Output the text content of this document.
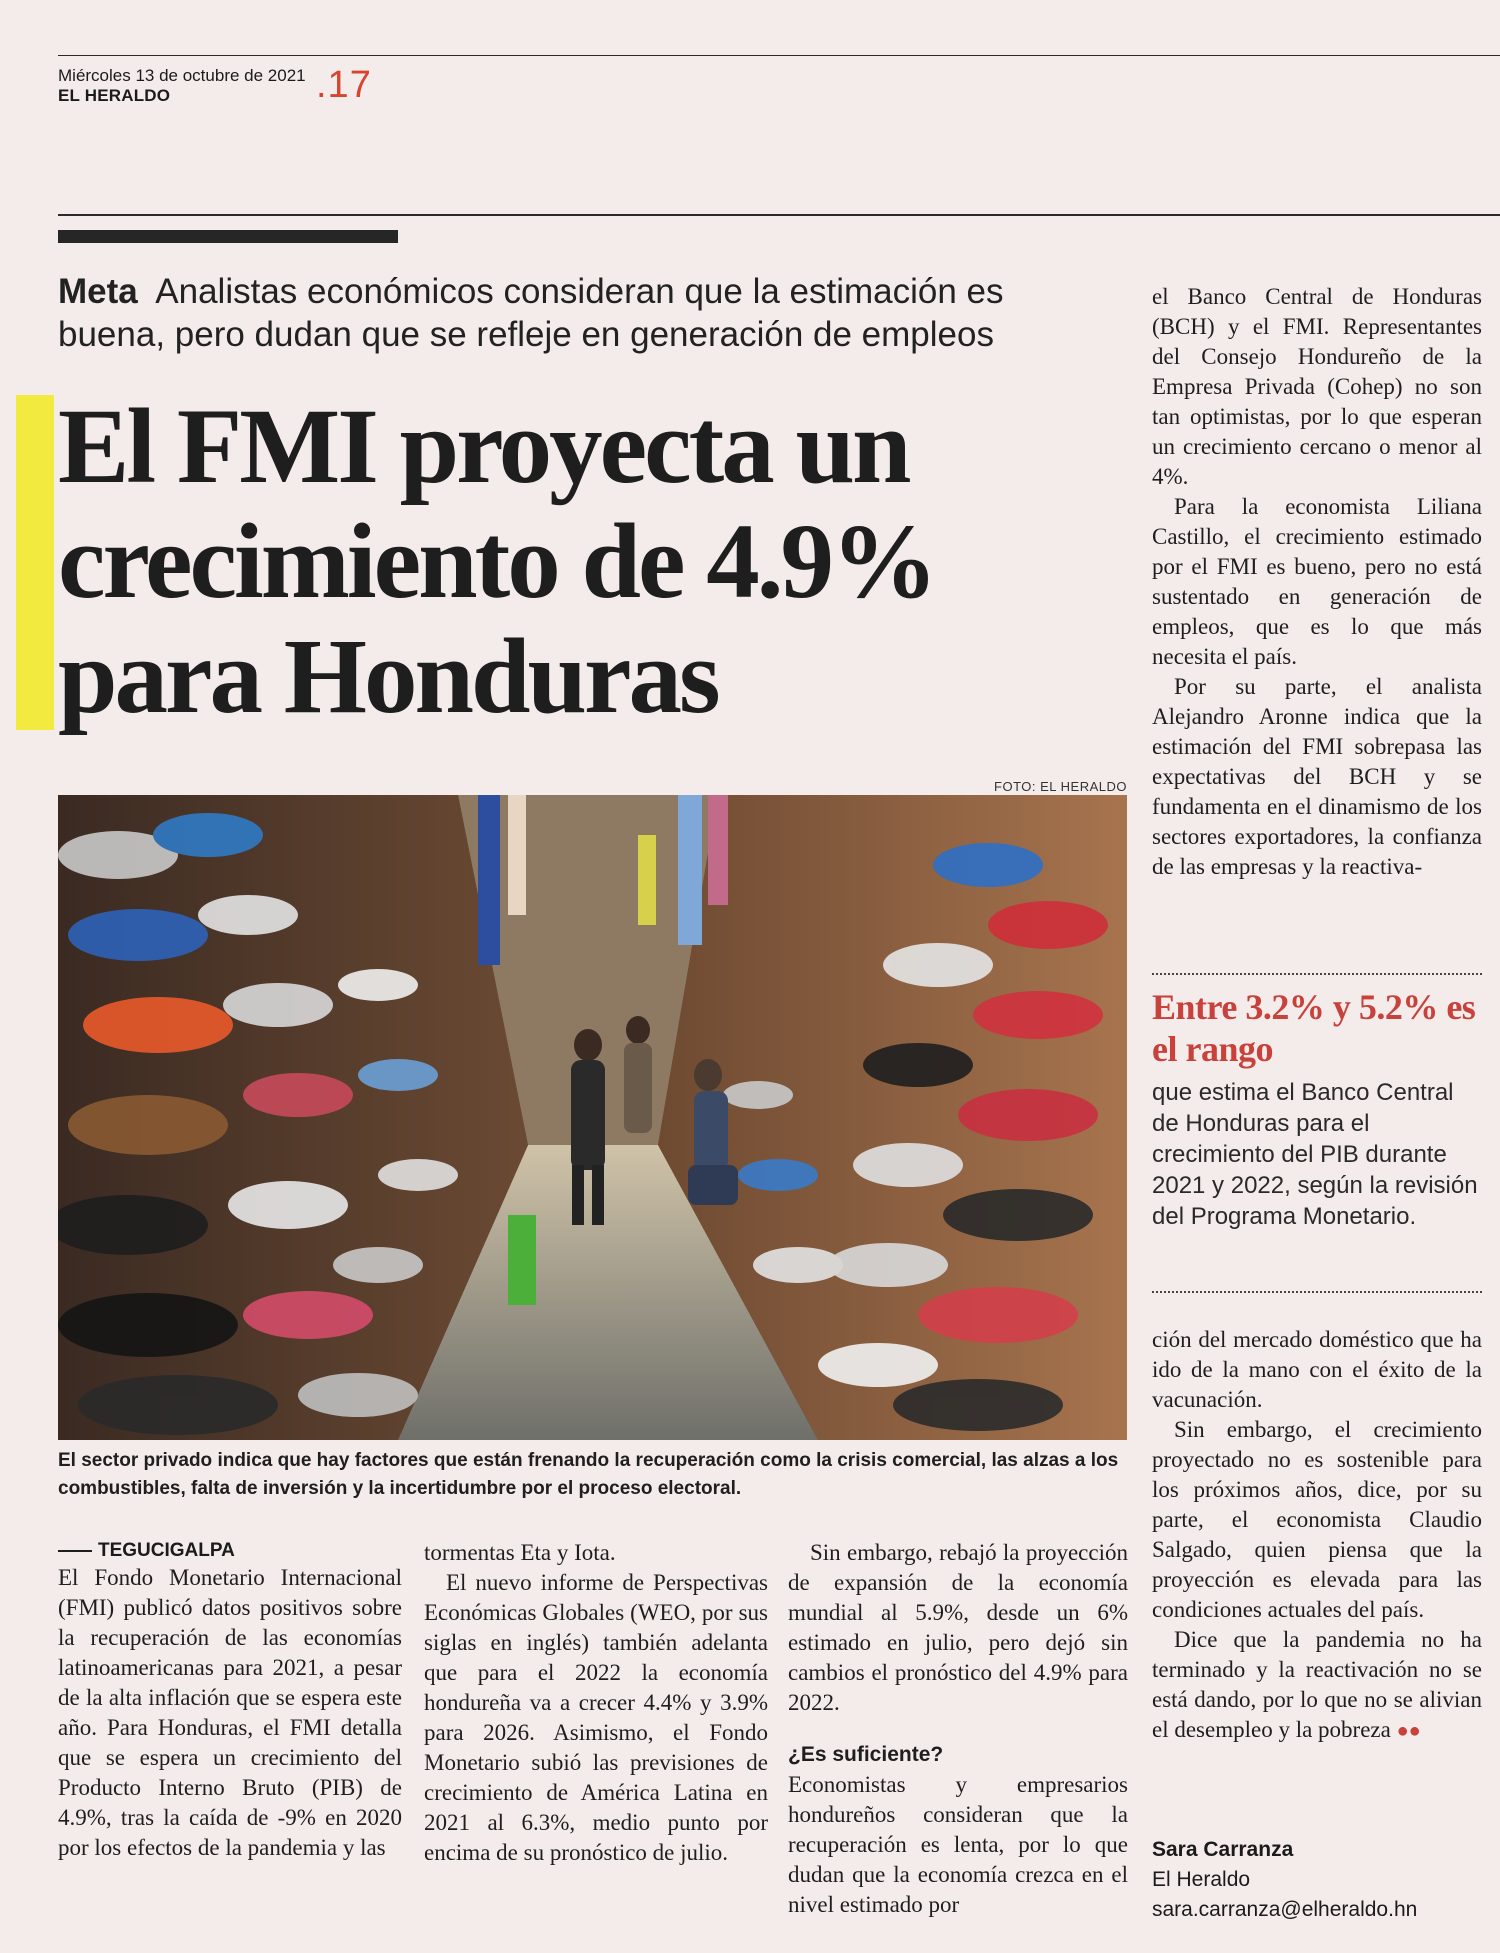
Miércoles 13 de octubre de 2021
EL HERALDO	.17
Meta Analistas económicos consideran que la estimación es buena, pero dudan que se refleje en generación de empleos
El FMI proyecta un
crecimiento de 4.9%
para Honduras
FOTO: EL HERALDO
El sector privado indica que hay factores que están frenando la recuperación como la crisis comercial, las alzas a los combustibles, falta de inversión y la incertidumbre por el proceso electoral.
TEGUCIGALPA

El Fondo Monetario Internacional (FMI) publicó datos positivos sobre la recuperación de las economías latinoamericanas para 2021, a pesar de la alta inflación que se espera este año. Para Honduras, el FMI detalla que se espera un crecimiento del Producto Interno Bruto (PIB) de 4.9%, tras la caída de -9% en 2020 por los efectos de la pandemia y las

tormentas Eta y Iota.

El nuevo informe de Perspectivas Económicas Globales (WEO, por sus siglas en inglés) también adelanta que para el 2022 la economía hondureña va a crecer 4.4% y 3.9% para 2026. Asimismo, el Fondo Monetario subió las previsiones de crecimiento de América Latina en 2021 al 6.3%, medio punto por encima de su pronóstico de julio.

Sin embargo, rebajó la proyección de expansión de la economía mundial al 5.9%, desde un 6% estimado en julio, pero dejó sin cambios el pronóstico del 4.9% para 2022.

¿Es suficiente?

Economistas y empresarios hondureños consideran que la recuperación es lenta, por lo que dudan que la economía crezca en el nivel estimado por

el Banco Central de Honduras (BCH) y el FMI. Representantes del Consejo Hondureño de la Empresa Privada (Cohep) no son tan optimistas, por lo que esperan un crecimiento cercano o menor al 4%.

Para la economista Liliana Castillo, el crecimiento estimado por el FMI es bueno, pero no está sustentado en generación de empleos, que es lo que más necesita el país.

Por su parte, el analista Alejandro Aronne indica que la estimación del FMI sobrepasa las expectativas del BCH y se fundamenta en el dinamismo de los sectores exportadores, la confianza de las empresas y la reactiva-

Entre 3.2% y 5.2% es el rango
que estima el Banco Central de Honduras para el crecimiento del PIB durante 2021 y 2022, según la revisión del Programa Monetario.

ción del mercado doméstico que ha ido de la mano con el éxito de la vacunación.

Sin embargo, el crecimiento proyectado no es sostenible para los próximos años, dice, por su parte, el economista Claudio Salgado, quien piensa que la proyección es elevada para las condiciones actuales del país.

Dice que la pandemia no ha terminado y la reactivación no se está dando, por lo que no se alivian el desempleo y la pobreza ●●

Sara Carranza
El Heraldo
sara.carranza@elheraldo.hn
